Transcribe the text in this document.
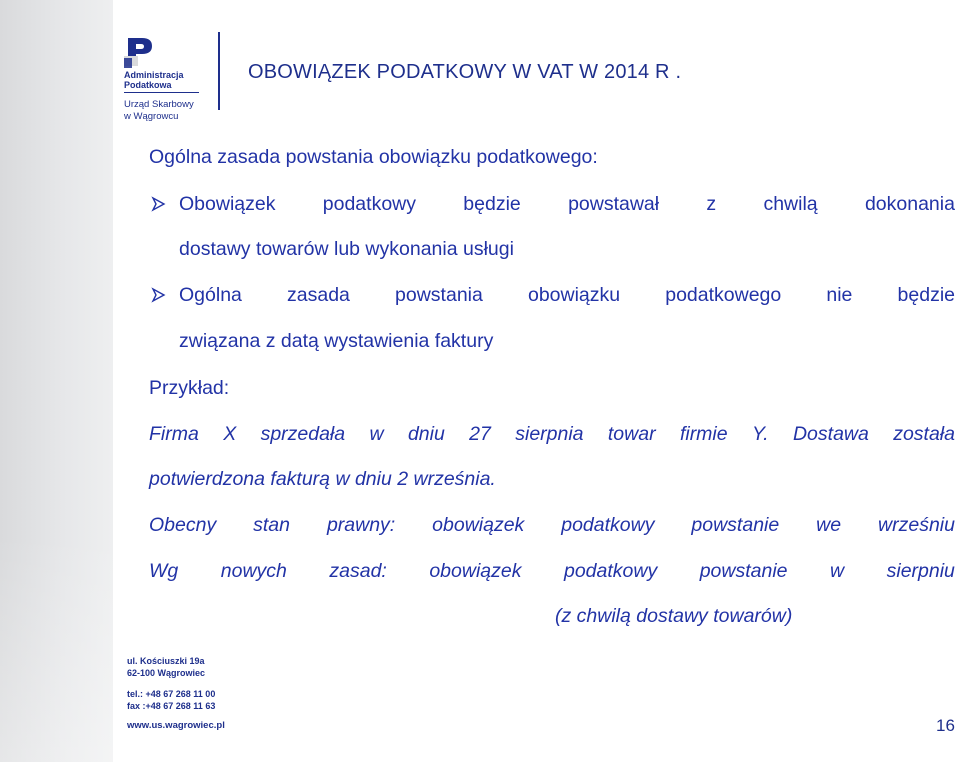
Administracja
Podatkowa
Urząd Skarbowy
w Wągrowcu
OBOWIĄZEK PODATKOWY W VAT W 2014 R .
Ogólna zasada powstania obowiązku podatkowego:
Obowiązek podatkowy będzie powstawał z chwilą dokonania
dostawy towarów lub wykonania usługi
Ogólna zasada powstania obowiązku podatkowego nie będzie
związana z datą wystawienia faktury
Przykład:
Firma X sprzedała w dniu 27 sierpnia towar firmie Y. Dostawa została
potwierdzona fakturą w dniu 2 września.
Obecny stan prawny: obowiązek podatkowy powstanie we wrześniu
Wg nowych zasad: obowiązek podatkowy powstanie w sierpniu
(z chwilą dostawy towarów)
ul. Kościuszki 19a
62-100 Wągrowiec
tel.: +48 67 268 11 00
fax :+48 67 268 11 63
www.us.wagrowiec.pl	16
